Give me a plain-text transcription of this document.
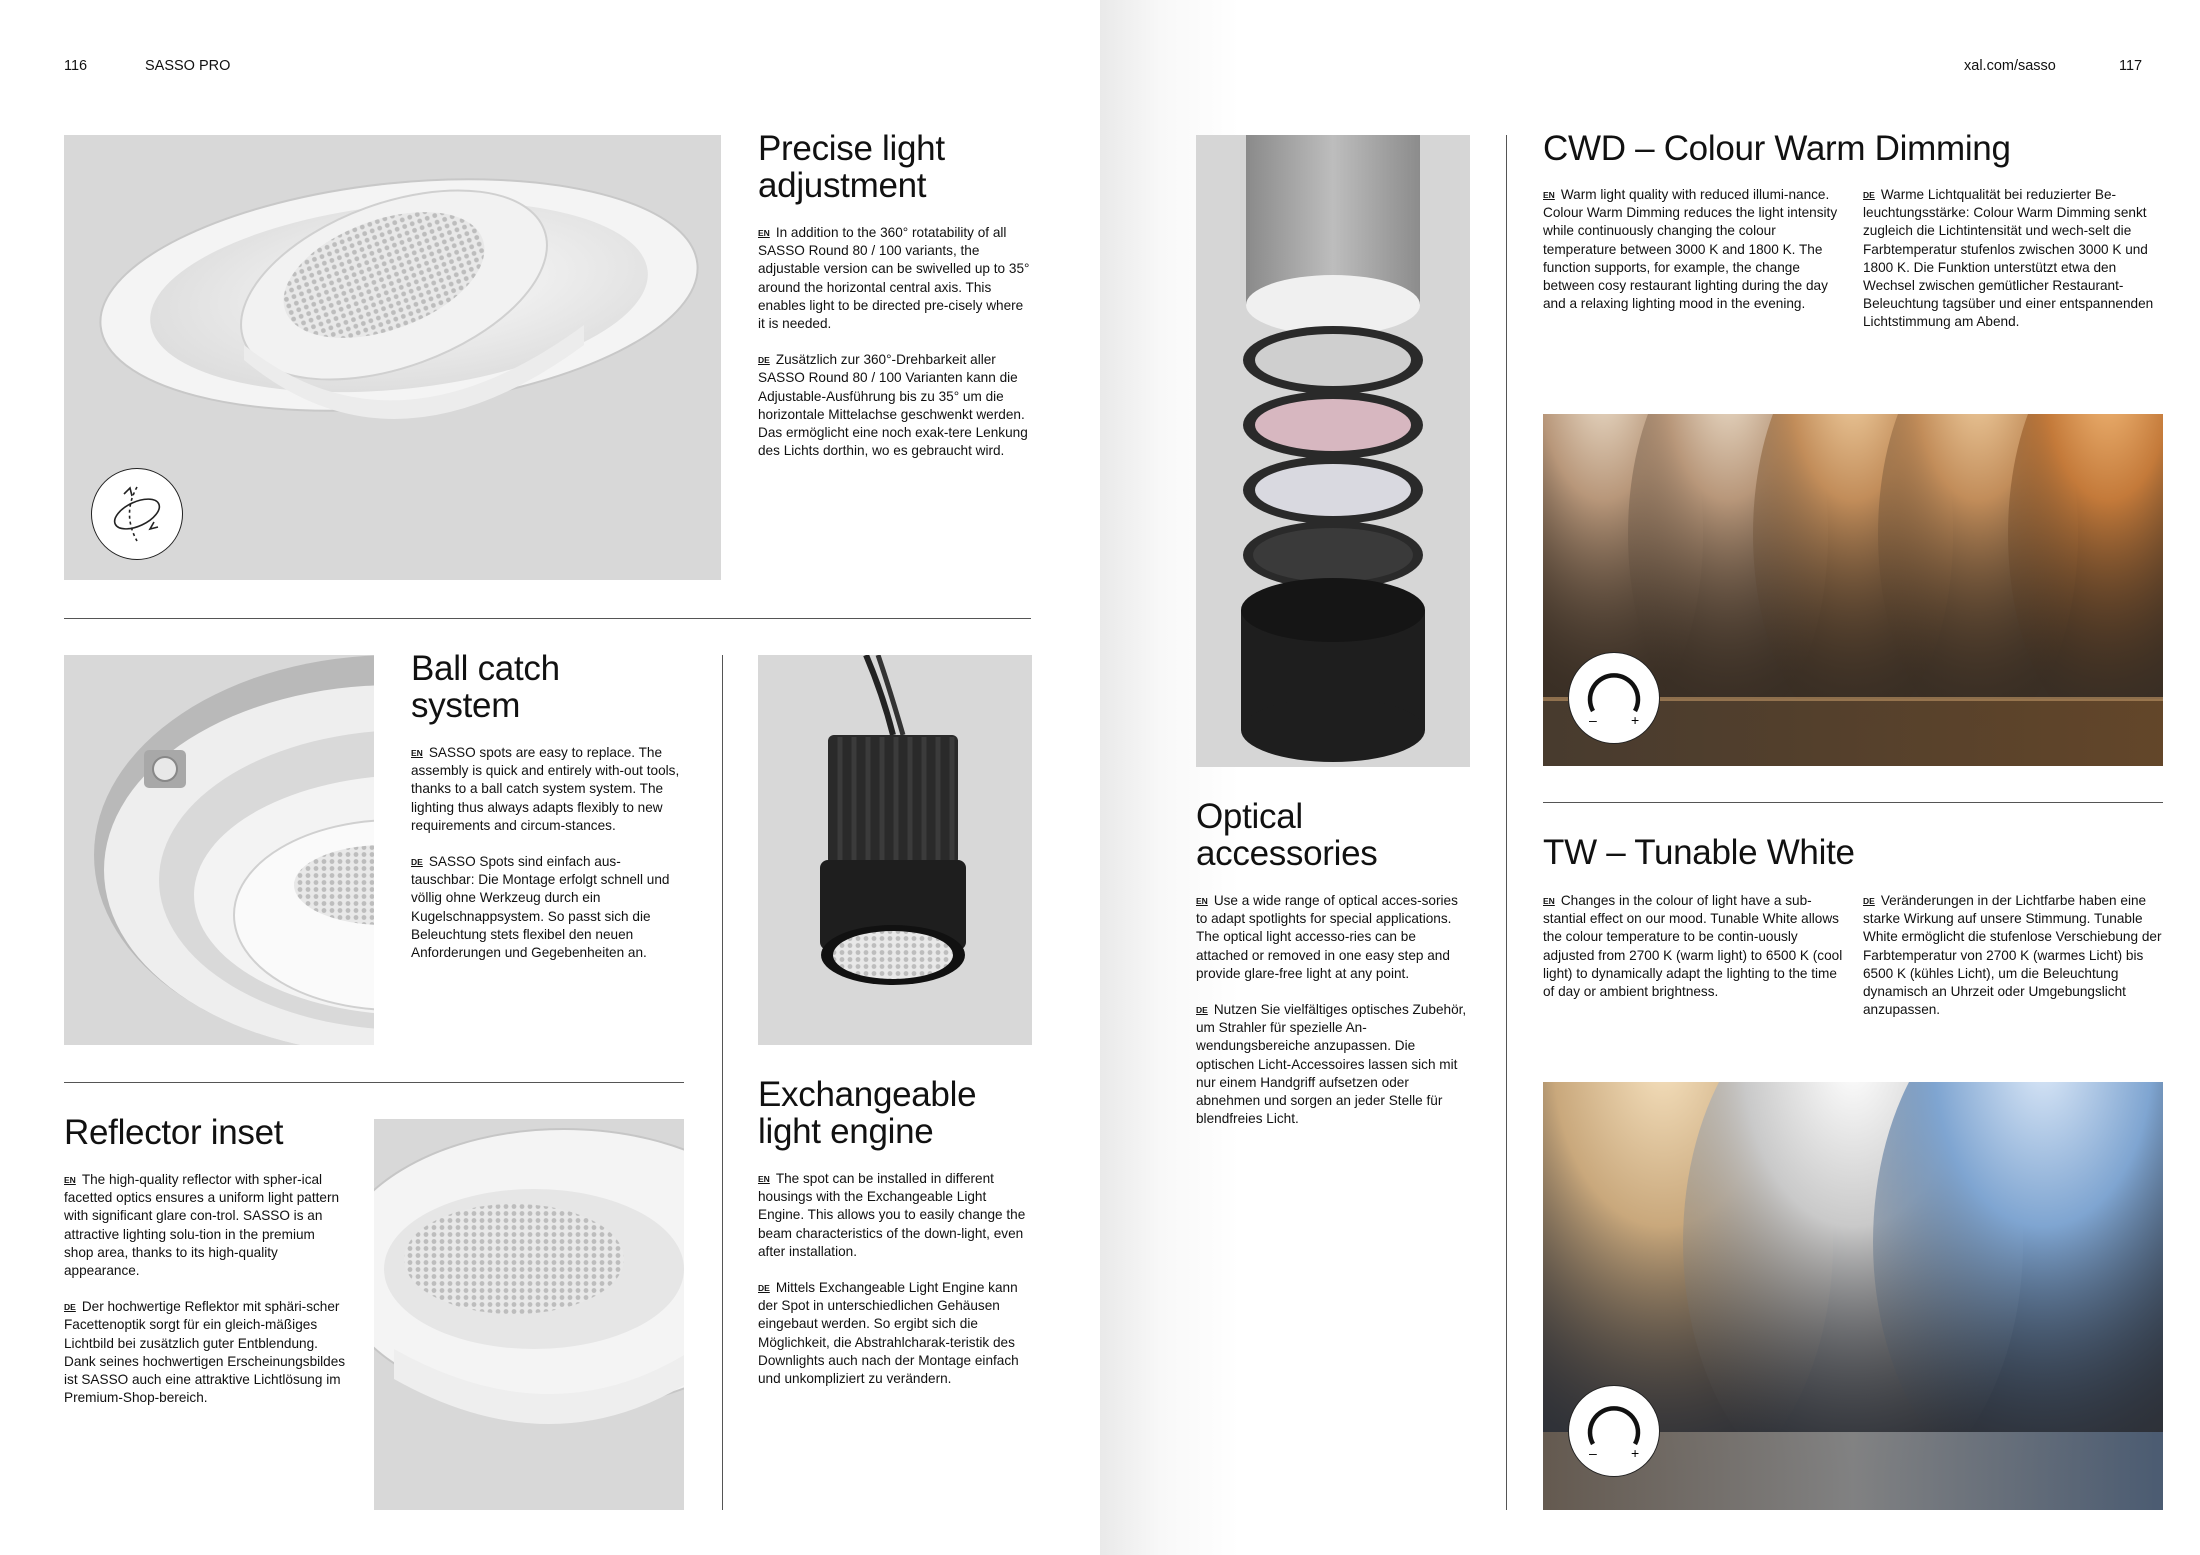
116	SASSO PRO	xal.com/sasso	117
Precise light
adjustment

EN In addition to the 360° rotatability of all SASSO Round 80 / 100 variants, the adjustable version can be swivelled up to 35° around the horizontal central axis. This enables light to be directed pre-cisely where it is needed.

DE Zusätzlich zur 360°-Drehbarkeit aller SASSO Round 80 / 100 Varianten kann die Adjustable-Ausführung bis zu 35° um die horizontale Mittelachse geschwenkt werden. Das ermöglicht eine noch exak-tere Lenkung des Lichts dorthin, wo es gebraucht wird.

Ball catch
system

EN SASSO spots are easy to replace. The assembly is quick and entirely with-out tools, thanks to a ball catch system system. The lighting thus always adapts flexibly to new requirements and circum-stances.

DE SASSO Spots sind einfach aus-tauschbar: Die Montage erfolgt schnell und völlig ohne Werkzeug durch ein Kugelschnappsystem. So passt sich die Beleuchtung stets flexibel den neuen Anforderungen und Gegebenheiten an.

Exchangeable
light engine

EN The spot can be installed in different housings with the Exchangeable Light Engine. This allows you to easily change the beam characteristics of the down-light, even after installation.

DE Mittels Exchangeable Light Engine kann der Spot in unterschiedlichen Gehäusen eingebaut werden. So ergibt sich die Möglichkeit, die Abstrahlcharak-teristik des Downlights auch nach der Montage einfach und unkompliziert zu verändern.

Reflector inset

EN The high-quality reflector with spher-ical facetted optics ensures a uniform light pattern with significant glare con-trol. SASSO is an attractive lighting solu-tion in the premium shop area, thanks to its high-quality appearance.

DE Der hochwertige Reflektor mit sphäri-scher Facettenoptik sorgt für ein gleich-mäßiges Lichtbild bei zusätzlich guter Entblendung. Dank seines hochwertigen Erscheinungsbildes ist SASSO auch eine attraktive Lichtlösung im Premium-Shop-bereich.

Optical
accessories

EN Use a wide range of optical acces-sories to adapt spotlights for special applications. The optical light accesso-ries can be attached or removed in one easy step and provide glare-free light at any point.

DE Nutzen Sie vielfältiges optisches Zubehör, um Strahler für spezielle An-wendungsbereiche anzupassen. Die optischen Licht-Accessoires lassen sich mit nur einem Handgriff aufsetzen oder abnehmen und sorgen an jeder Stelle für blendfreies Licht.

CWD – Colour Warm Dimming

EN Warm light quality with reduced illumi-nance. Colour Warm Dimming reduces the light intensity while continuously changing the colour temperature between 3000 K and 1800 K. The function supports, for example, the change between cosy restaurant lighting during the day and a relaxing lighting mood in the evening.

DE Warme Lichtqualität bei reduzierter Be-leuchtungsstärke: Colour Warm Dimming senkt zugleich die Lichtintensität und wech-selt die Farbtemperatur stufenlos zwischen 3000 K und 1800 K. Die Funktion unterstützt etwa den Wechsel zwischen gemütlicher Restaurant-Beleuchtung tagsüber und einer entspannenden Lichtstimmung am Abend.

– +
TW – Tunable White

EN Changes in the colour of light have a sub-stantial effect on our mood. Tunable White allows the colour temperature to be contin-uously adjusted from 2700 K (warm light) to 6500 K (cool light) to dynamically adapt the lighting to the time of day or ambient brightness.

DE Veränderungen in der Lichtfarbe haben eine starke Wirkung auf unsere Stimmung. Tunable White ermöglicht die stufenlose Verschiebung der Farbtemperatur von 2700 K (warmes Licht) bis 6500 K (kühles Licht), um die Beleuchtung dynamisch an Uhrzeit oder Umgebungslicht anzupassen.

– +
